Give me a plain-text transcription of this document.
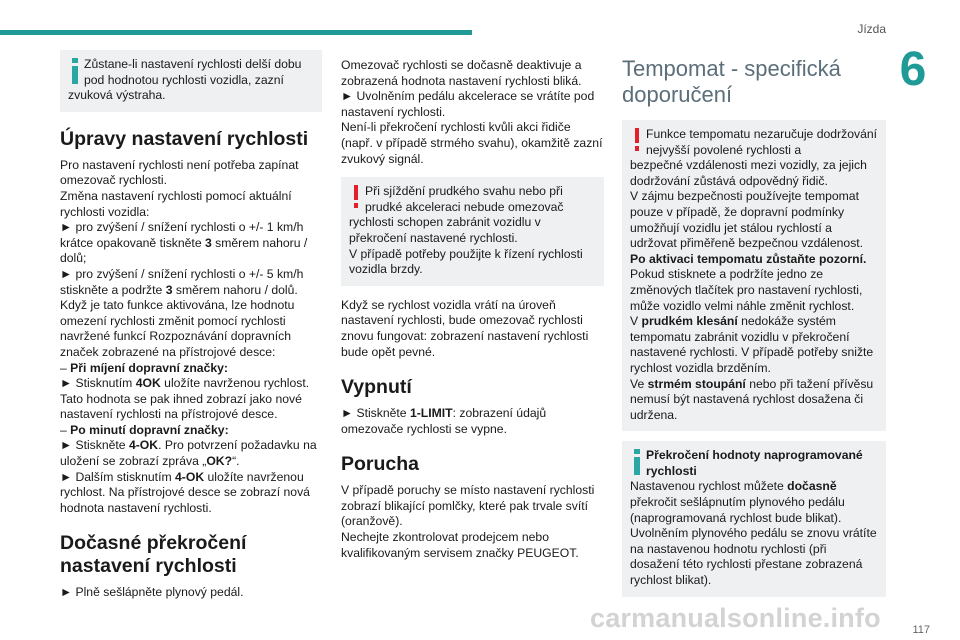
Jízda
6
Zůstane-li nastavení rychlosti delší dobu pod hodnotou rychlosti vozidla, zazní
zvuková výstraha.
Úpravy nastavení rychlosti
Pro nastavení rychlosti není potřeba zapínat omezovač rychlosti.
Změna nastavení rychlosti pomocí aktuální rychlosti vozidla:
► pro zvýšení / snížení rychlosti o +/- 1 km/h krátce opakovaně tiskněte 3 směrem nahoru / dolů;
► pro zvýšení / snížení rychlosti o +/- 5 km/h stiskněte a podržte 3 směrem nahoru / dolů.
Když je tato funkce aktivována, lze hodnotu omezení rychlosti změnit pomocí rychlosti navržené funkcí Rozpoznávání dopravních značek zobrazené na přístrojové desce:
– Při míjení dopravní značky:
► Stisknutím 4OK uložíte navrženou rychlost. Tato hodnota se pak ihned zobrazí jako nové nastavení rychlosti na přístrojové desce.
– Po minutí dopravní značky:
► Stiskněte 4-OK. Pro potvrzení požadavku na uložení se zobrazí zpráva „OK?“.
► Dalším stisknutím 4-OK uložíte navrženou rychlost. Na přístrojové desce se zobrazí nová hodnota nastavení rychlosti.
Dočasné překročení nastavení rychlosti
► Plně sešlápněte plynový pedál.
Omezovač rychlosti se dočasně deaktivuje a zobrazená hodnota nastavení rychlosti bliká.
► Uvolněním pedálu akcelerace se vrátíte pod nastavení rychlosti.
Není-li překročení rychlosti kvůli akci řidiče (např. v případě strmého svahu), okamžitě zazní zvukový signál.
Při sjíždění prudkého svahu nebo při prudké akceleraci nebude omezovač
rychlosti schopen zabránit vozidlu v překročení nastavené rychlosti.
V případě potřeby použijte k řízení rychlosti vozidla brzdy.
Když se rychlost vozidla vrátí na úroveň nastavení rychlosti, bude omezovač rychlosti znovu fungovat: zobrazení nastavení rychlosti bude opět pevné.
Vypnutí
► Stiskněte 1-LIMIT: zobrazení údajů omezovače rychlosti se vypne.
Porucha
V případě poruchy se místo nastavení rychlosti zobrazí blikající pomlčky, které pak trvale svítí (oranžově).
Nechejte zkontrolovat prodejcem nebo kvalifikovaným servisem značky PEUGEOT.
Tempomat - specifická doporučení
Funkce tempomatu nezaručuje dodržování nejvyšší povolené rychlosti a
bezpečné vzdálenosti mezi vozidly, za jejich dodržování zůstává odpovědný řidič.
V zájmu bezpečnosti používejte tempomat pouze v případě, že dopravní podmínky umožňují vozidlu jet stálou rychlostí a udržovat přiměřeně bezpečnou vzdálenost.
Po aktivaci tempomatu zůstaňte pozorní.
Pokud stisknete a podržíte jedno ze změnových tlačítek pro nastavení rychlosti, může vozidlo velmi náhle změnit rychlost.
V prudkém klesání nedokáže systém tempomatu zabránit vozidlu v překročení nastavené rychlosti. V případě potřeby snižte rychlost vozidla brzděním.
Ve strmém stoupání nebo při tažení přívěsu nemusí být nastavená rychlost dosažena či udržena.
Překročení hodnoty naprogramované rychlosti
Nastavenou rychlost můžete dočasně překročit sešlápnutím plynového pedálu (naprogramovaná rychlost bude blikat).
Uvolněním plynového pedálu se znovu vrátíte na nastavenou hodnotu rychlosti (při dosažení této rychlosti přestane zobrazená rychlost blikat).
carmanualsonline.info	117
